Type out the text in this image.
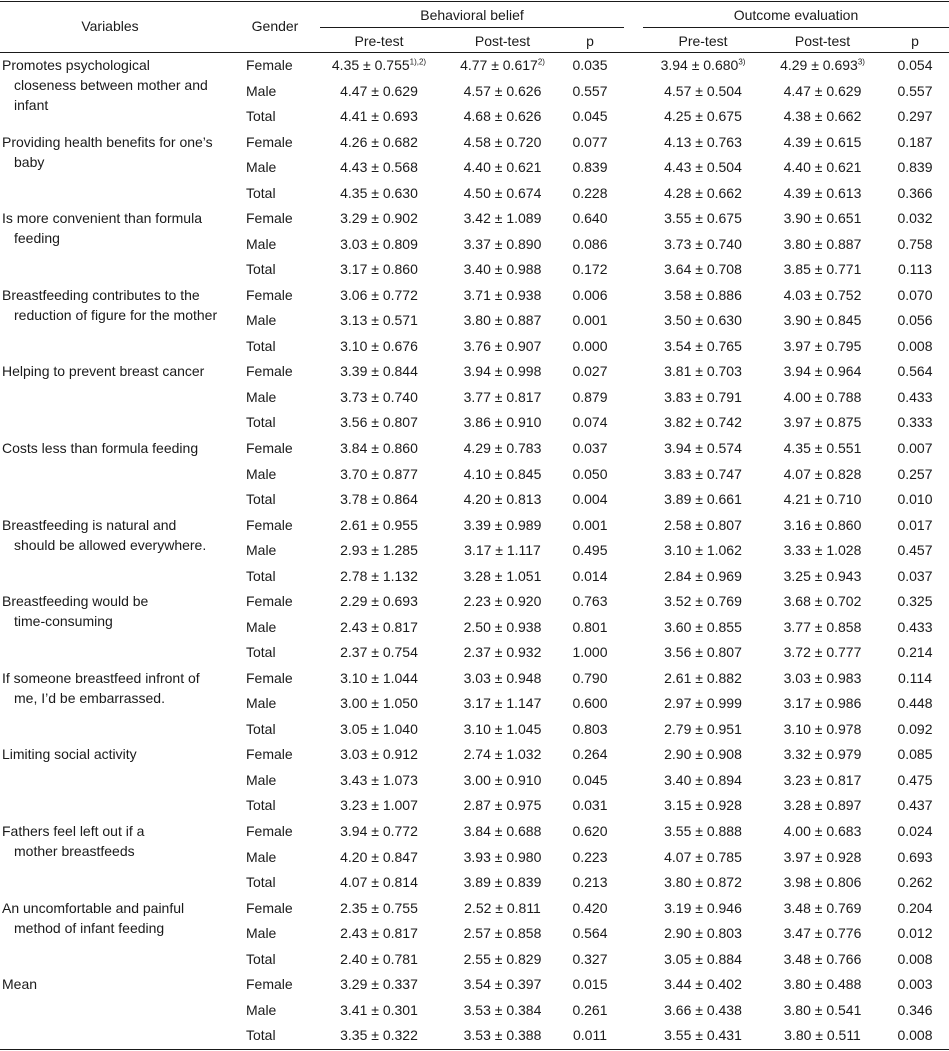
Variables	Gender
Behavioral belief	Outcome evaluation
Pre-test	Post-test	p	Pre-test	Post-test	p
Promotes psychological
closeness between mother and infant
Female	$4.35 \pm 0.755^{1),2)}$	$4.77 \pm 0.617^{2)}$	0.035	$3.94 \pm 0.680^{3)}$	$4.29 \pm 0.693^{3)}$	0.054
Male	4.47 ± 0.629	4.57 ± 0.626	0.557	4.57 ± 0.504	4.47 ± 0.629	0.557
Total	4.41 ± 0.693	4.68 ± 0.626	0.045	4.25 ± 0.675	4.38 ± 0.662	0.297
Providing health benefits for one’s
baby
Female	4.26 ± 0.682	4.58 ± 0.720	0.077	4.13 ± 0.763	4.39 ± 0.615	0.187
Male	4.43 ± 0.568	4.40 ± 0.621	0.839	4.43 ± 0.504	4.40 ± 0.621	0.839
Total	4.35 ± 0.630	4.50 ± 0.674	0.228	4.28 ± 0.662	4.39 ± 0.613	0.366
Is more convenient than formula
feeding
Female	3.29 ± 0.902	3.42 ± 1.089	0.640	3.55 ± 0.675	3.90 ± 0.651	0.032
Male	3.03 ± 0.809	3.37 ± 0.890	0.086	3.73 ± 0.740	3.80 ± 0.887	0.758
Total	3.17 ± 0.860	3.40 ± 0.988	0.172	3.64 ± 0.708	3.85 ± 0.771	0.113
Breastfeeding contributes to the
reduction of figure for the mother
Female	3.06 ± 0.772	3.71 ± 0.938	0.006	3.58 ± 0.886	4.03 ± 0.752	0.070
Male	3.13 ± 0.571	3.80 ± 0.887	0.001	3.50 ± 0.630	3.90 ± 0.845	0.056
Total	3.10 ± 0.676	3.76 ± 0.907	0.000	3.54 ± 0.765	3.97 ± 0.795	0.008
Helping to prevent breast cancer	Female	3.39 ± 0.844	3.94 ± 0.998	0.027	3.81 ± 0.703	3.94 ± 0.964	0.564
Male	3.73 ± 0.740	3.77 ± 0.817	0.879	3.83 ± 0.791	4.00 ± 0.788	0.433
Total	3.56 ± 0.807	3.86 ± 0.910	0.074	3.82 ± 0.742	3.97 ± 0.875	0.333
Costs less than formula feeding	Female	3.84 ± 0.860	4.29 ± 0.783	0.037	3.94 ± 0.574	4.35 ± 0.551	0.007
Male	3.70 ± 0.877	4.10 ± 0.845	0.050	3.83 ± 0.747	4.07 ± 0.828	0.257
Total	3.78 ± 0.864	4.20 ± 0.813	0.004	3.89 ± 0.661	4.21 ± 0.710	0.010
Breastfeeding is natural and
should be allowed everywhere.
Female	2.61 ± 0.955	3.39 ± 0.989	0.001	2.58 ± 0.807	3.16 ± 0.860	0.017
Male	2.93 ± 1.285	3.17 ± 1.117	0.495	3.10 ± 1.062	3.33 ± 1.028	0.457
Total	2.78 ± 1.132	3.28 ± 1.051	0.014	2.84 ± 0.969	3.25 ± 0.943	0.037
Breastfeeding would be
time-consuming
Female	2.29 ± 0.693	2.23 ± 0.920	0.763	3.52 ± 0.769	3.68 ± 0.702	0.325
Male	2.43 ± 0.817	2.50 ± 0.938	0.801	3.60 ± 0.855	3.77 ± 0.858	0.433
Total	2.37 ± 0.754	2.37 ± 0.932	1.000	3.56 ± 0.807	3.72 ± 0.777	0.214
If someone breastfeed infront of
me, I’d be embarrassed.
Female	3.10 ± 1.044	3.03 ± 0.948	0.790	2.61 ± 0.882	3.03 ± 0.983	0.114
Male	3.00 ± 1.050	3.17 ± 1.147	0.600	2.97 ± 0.999	3.17 ± 0.986	0.448
Total	3.05 ± 1.040	3.10 ± 1.045	0.803	2.79 ± 0.951	3.10 ± 0.978	0.092
Limiting social activity	Female	3.03 ± 0.912	2.74 ± 1.032	0.264	2.90 ± 0.908	3.32 ± 0.979	0.085
Male	3.43 ± 1.073	3.00 ± 0.910	0.045	3.40 ± 0.894	3.23 ± 0.817	0.475
Total	3.23 ± 1.007	2.87 ± 0.975	0.031	3.15 ± 0.928	3.28 ± 0.897	0.437
Fathers feel left out if a
mother breastfeeds
Female	3.94 ± 0.772	3.84 ± 0.688	0.620	3.55 ± 0.888	4.00 ± 0.683	0.024
Male	4.20 ± 0.847	3.93 ± 0.980	0.223	4.07 ± 0.785	3.97 ± 0.928	0.693
Total	4.07 ± 0.814	3.89 ± 0.839	0.213	3.80 ± 0.872	3.98 ± 0.806	0.262
An uncomfortable and painful
method of infant feeding
Female	2.35 ± 0.755	2.52 ± 0.811	0.420	3.19 ± 0.946	3.48 ± 0.769	0.204
Male	2.43 ± 0.817	2.57 ± 0.858	0.564	2.90 ± 0.803	3.47 ± 0.776	0.012
Total	2.40 ± 0.781	2.55 ± 0.829	0.327	3.05 ± 0.884	3.48 ± 0.766	0.008
Mean	Female	3.29 ± 0.337	3.54 ± 0.397	0.015	3.44 ± 0.402	3.80 ± 0.488	0.003
Male	3.41 ± 0.301	3.53 ± 0.384	0.261	3.66 ± 0.438	3.80 ± 0.541	0.346
Total	3.35 ± 0.322	3.53 ± 0.388	0.011	3.55 ± 0.431	3.80 ± 0.511	0.008
